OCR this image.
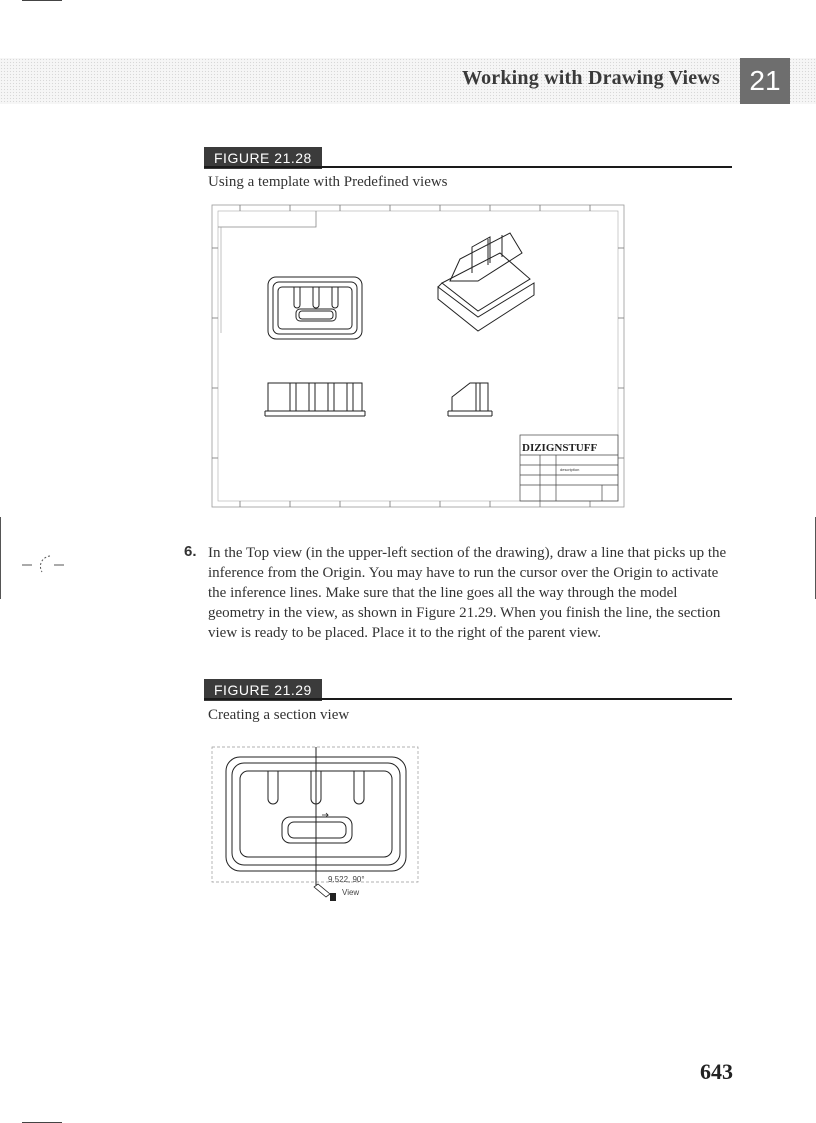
Working with Drawing Views	21
FIGURE 21.28
Using a template with Predefined views
DIZIGNSTUFF
description
6. In the Top view (in the upper-left section of the drawing), draw a line that picks up the inference from the Origin. You may have to run the cursor over the Origin to activate the inference lines. Make sure that the line goes all the way through the model geometry in the view, as shown in Figure 21.29. When you finish the line, the section view is ready to be placed. Place it to the right of the parent view.
FIGURE 21.29
Creating a section view
9.522, 90°
View
643
